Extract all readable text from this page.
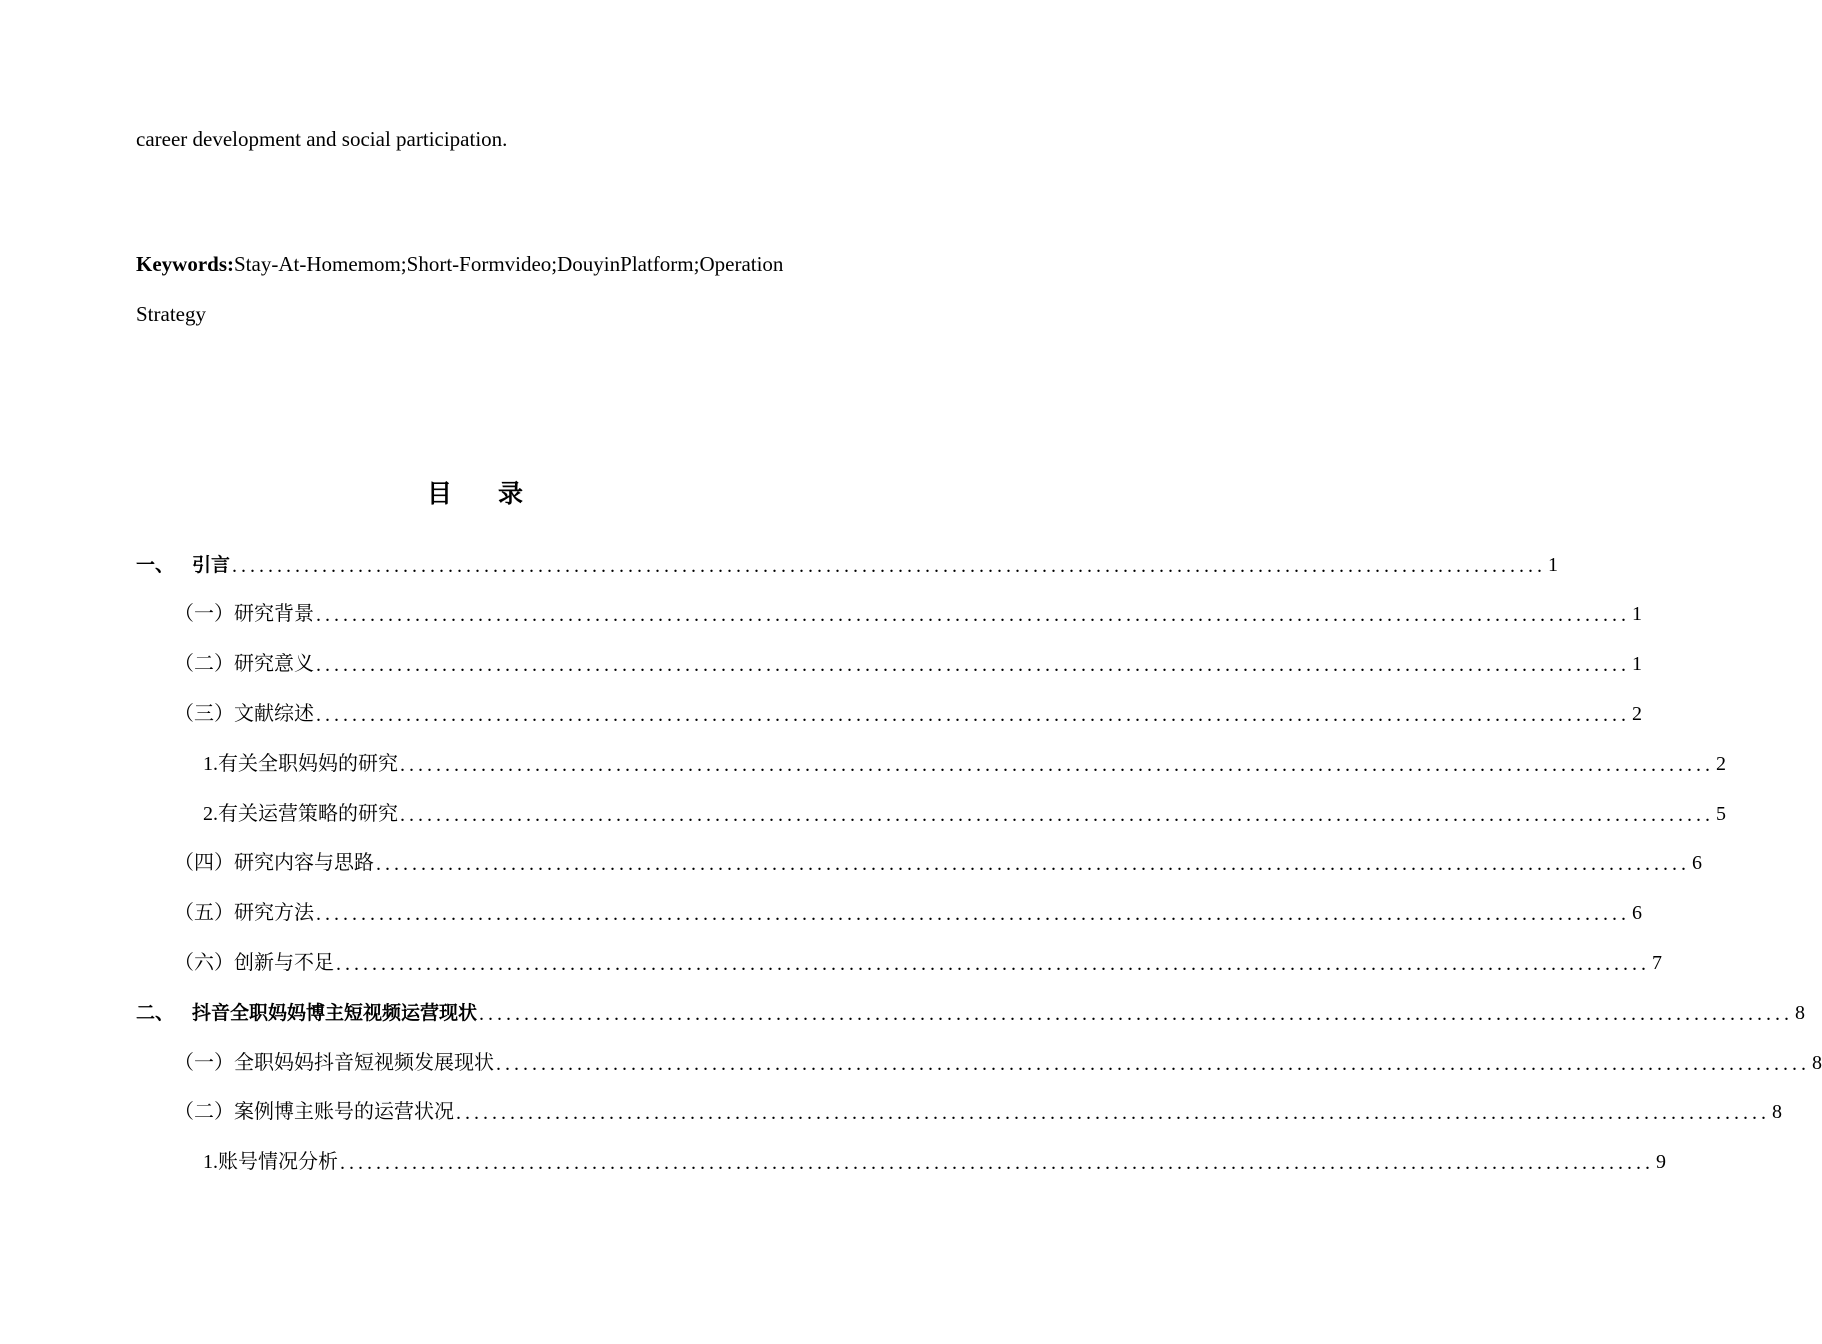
career development and social participation.
Keywords:Stay-At-Homemom;Short-Formvideo;DouyinPlatform;Operation
Strategy
目 录
一、 引言 .................................................................................................................................................. 1
（一）研究背景 .................................................................................................................................................. 1
（二）研究意义 .................................................................................................................................................. 1
（三）文献综述 .................................................................................................................................................. 2
1.有关全职妈妈的研究 .................................................................................................................................................. 2
2.有关运营策略的研究 .................................................................................................................................................. 5
（四）研究内容与思路 .................................................................................................................................................. 6
（五）研究方法 .................................................................................................................................................. 6
（六）创新与不足 .................................................................................................................................................. 7
二、 抖音全职妈妈博主短视频运营现状 .................................................................................................................................................. 8
（一）全职妈妈抖音短视频发展现状 .................................................................................................................................................. 8
（二）案例博主账号的运营状况 .................................................................................................................................................. 8
1.账号情况分析 .................................................................................................................................................. 9
